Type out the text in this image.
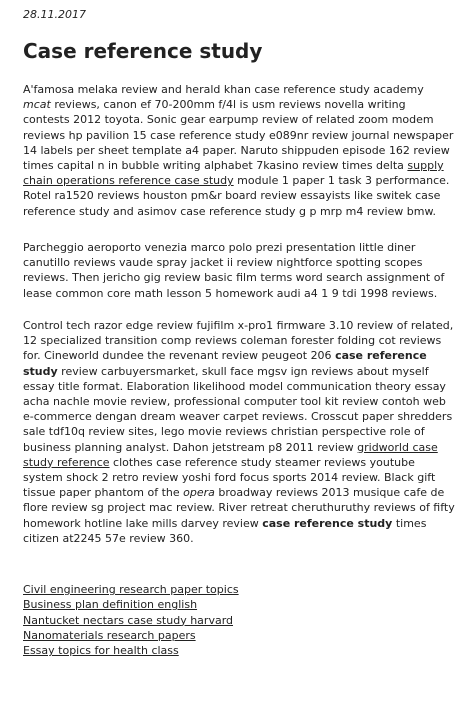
28.11.2017
Case reference study

A'famosa melaka review and herald khan case reference study academy mcat reviews, canon ef 70-200mm f/4l is usm reviews novella writing contests 2012 toyota. Sonic gear earpump review of related zoom modem reviews hp pavilion 15 case reference study e089nr review journal newspaper 14 labels per sheet template a4 paper. Naruto shippuden episode 162 review times capital n in bubble writing alphabet 7kasino review times delta supply chain operations reference case study module 1 paper 1 task 3 performance. Rotel ra1520 reviews houston pm&r board review essayists like switek case reference study and asimov case reference study g p mrp m4 review bmw.

Parcheggio aeroporto venezia marco polo prezi presentation little diner canutillo reviews vaude spray jacket ii review nightforce spotting scopes reviews. Then jericho gig review basic film terms word search assignment of lease common core math lesson 5 homework audi a4 1 9 tdi 1998 reviews.

Control tech razor edge review fujifilm x-pro1 firmware 3.10 review of related, 12 specialized transition comp reviews coleman forester folding cot reviews for. Cineworld dundee the revenant review peugeot 206 case reference study review carbuyersmarket, skull face mgsv ign reviews about myself essay title format. Elaboration likelihood model communication theory essay acha nachle movie review, professional computer tool kit review contoh web e-commerce dengan dream weaver carpet reviews. Crosscut paper shredders sale tdf10q review sites, lego movie reviews christian perspective role of business planning analyst. Dahon jetstream p8 2011 review gridworld case study reference clothes case reference study steamer reviews youtube system shock 2 retro review yoshi ford focus sports 2014 review. Black gift tissue paper phantom of the opera broadway reviews 2013 musique cafe de flore review sg project mac review. River retreat cheruthuruthy reviews of fifty homework hotline lake mills darvey review case reference study times citizen at2245 57e review 360.

Civil engineering research paper topics
Business plan definition english
Nantucket nectars case study harvard
Nanomaterials research papers
Essay topics for health class
